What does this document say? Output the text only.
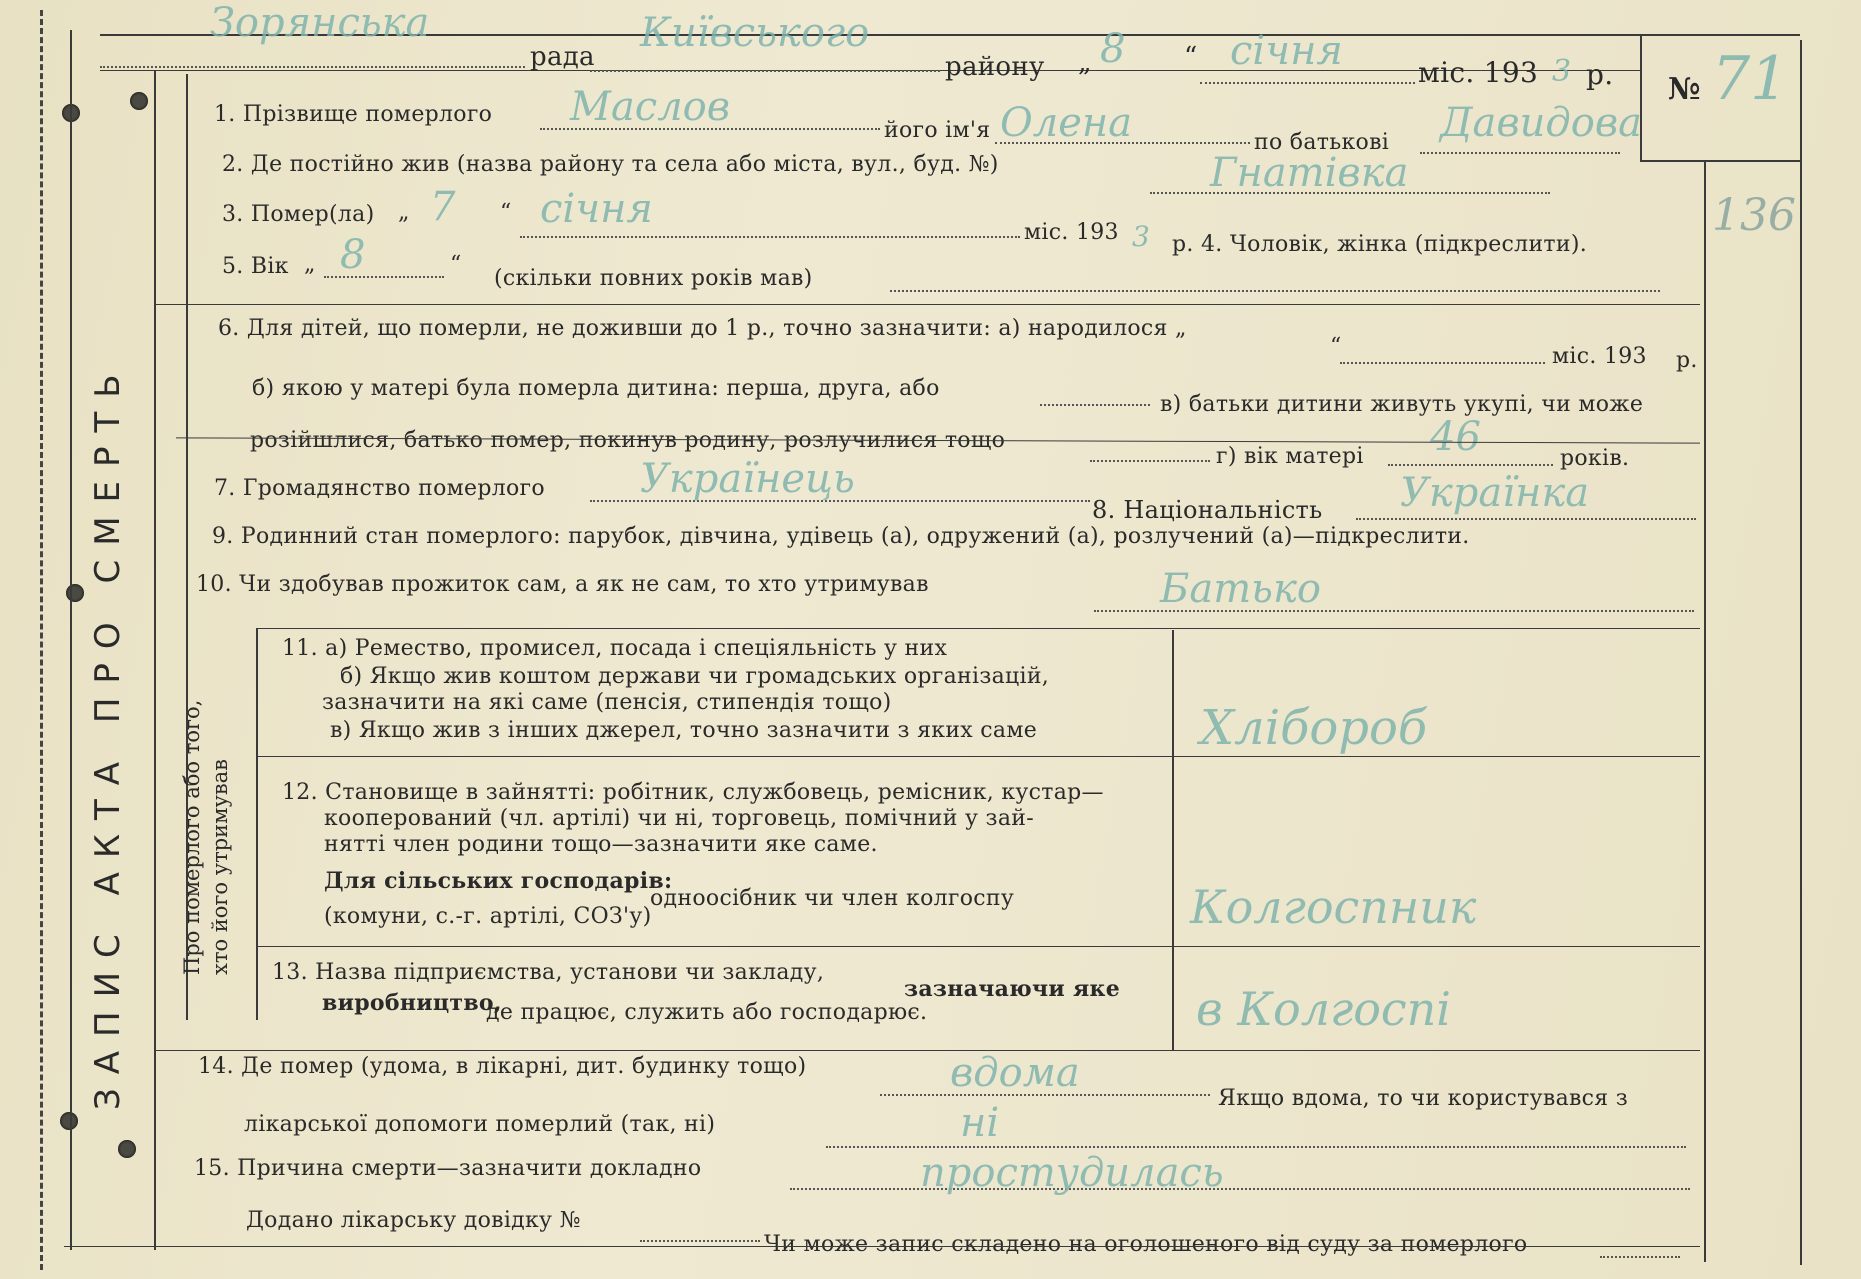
ЗАПИС АКТА ПРО СМЕРТЬ Про померлого або того, хто його утримував
рада
Зорянська	Київського
району „ 8 “ січня	міс. 193 3 р. № 71
136
1. Прізвище померлого Маслов
його ім'я Олена	по батькові Давидова
2. Де постійно жив (назва району та села або міста, вул., буд. №)	Гнатівка
3. Помер(ла) „ 7 “ січня
міс. 193 3 р. 4. Чоловік, жінка (підкреслити).
5. Вік „ 8	“
(скільки повних років мав)
6. Для дітей, що померли, не доживши до 1 р., точно зазначити: а) народилося „
“	міс. 193 р.
б) якою у матері була померла дитина: перша, друга, або
в) батьки дитини живуть укупі, чи може
розійшлися, батько помер, покинув родину, розлучилися тощо
г) вік матері 46	років.
7. Громадянство померлого Українець
8. Національність Українка
9. Родинний стан померлого: парубок, дівчина, удівець (а), одружений (а), розлучений (а)—підкреслити.
10. Чи здобував прожиток сам, а як не сам, то хто утримував	Батько
11. а) Ремество, промисел, посада і спеціяльність у них
б) Якщо жив коштом держави чи громадських організацій,
зазначити на які саме (пенсія, стипендія тощо)
в) Якщо жив з інших джерел, точно зазначити з яких саме	Хлібороб
12. Становище в зайнятті: робітник, службовець, ремісник, кустар—
кооперований (чл. артілі) чи ні, торговець, помічний у зай-
нятті член родини тощо—зазначити яке саме.
Для сільських господарів:
одноосібник чи член колгоспу
(комуни, с.-г. артілі, СОЗ'у)	Колгоспник
13. Назва підприємства, установи чи закладу,
зазначаючи яке
виробництво,
де працює, служить або господарює.	в Колгоспі
14. Де помер (удома, в лікарні, дит. будинку тощо)	вдома
Якщо вдома, то чи користувався з
лікарської допомоги померлий (так, ні)	ні
15. Причина смерти—зазначити докладно	простудилась
Додано лікарську довідку №
Чи може запис складено на оголошеного від суду за померлого
